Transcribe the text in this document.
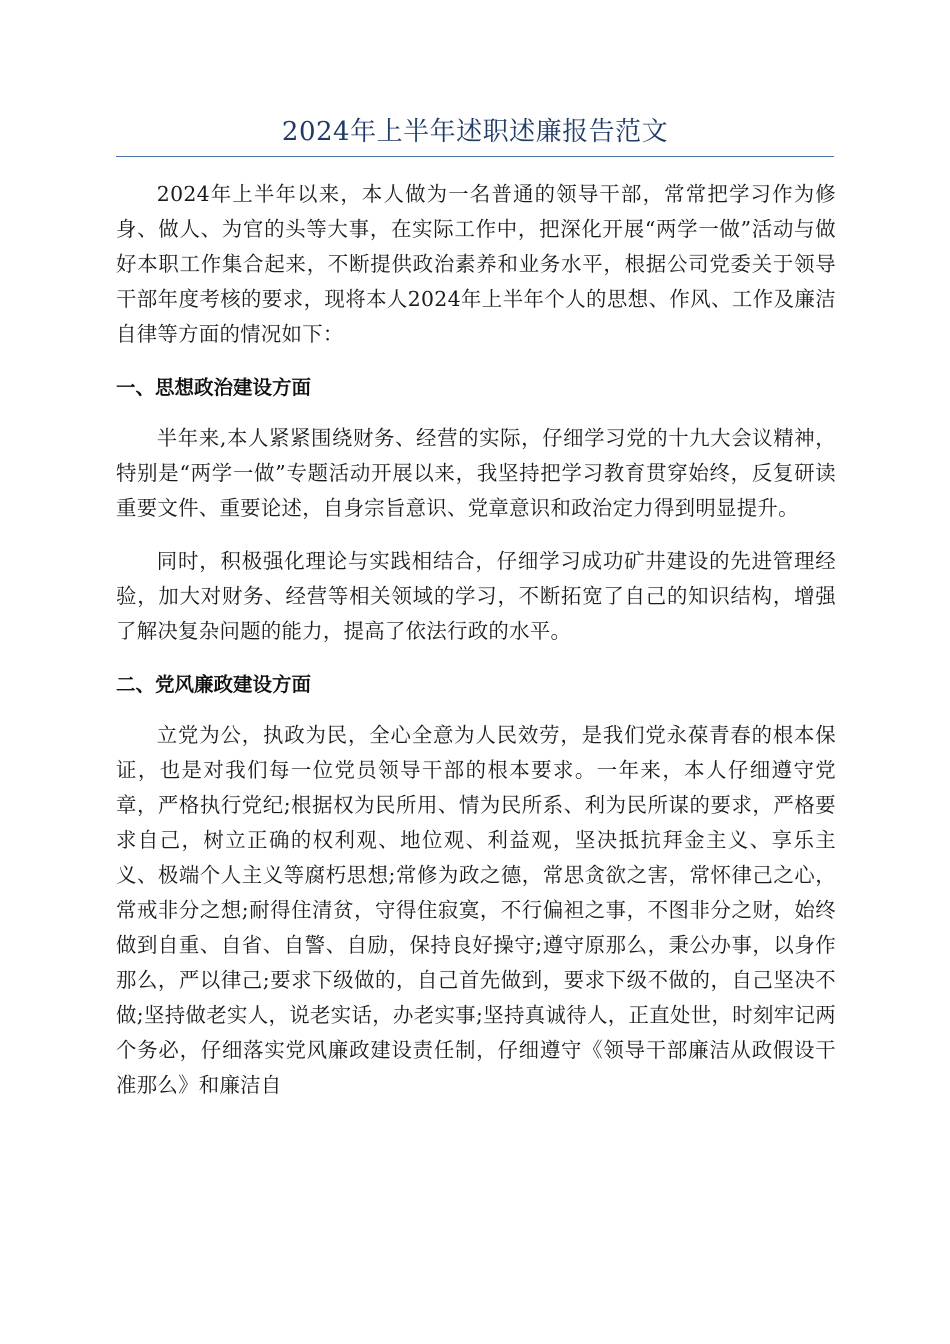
2024年上半年述职述廉报告范文

2024年上半年以来，本人做为一名普通的领导干部，常常把学习作为修身、做人、为官的头等大事，在实际工作中，把深化开展“两学一做”活动与做好本职工作集合起来，不断提供政治素养和业务水平，根据公司党委关于领导干部年度考核的要求，现将本人2024年上半年个人的思想、作风、工作及廉洁自律等方面的情况如下：

一、思想政治建设方面

半年来,本人紧紧围绕财务、经营的实际，仔细学习党的十九大会议精神，特别是“两学一做”专题活动开展以来，我坚持把学习教育贯穿始终，反复研读重要文件、重要论述，自身宗旨意识、党章意识和政治定力得到明显提升。

同时，积极强化理论与实践相结合，仔细学习成功矿井建设的先进管理经验，加大对财务、经营等相关领域的学习，不断拓宽了自己的知识结构，增强了解决复杂问题的能力，提高了依法行政的水平。

二、党风廉政建设方面

立党为公，执政为民，全心全意为人民效劳，是我们党永葆青春的根本保证，也是对我们每一位党员领导干部的根本要求。一年来，本人仔细遵守党章，严格执行党纪;根据权为民所用、情为民所系、利为民所谋的要求，严格要求自己，树立正确的权利观、地位观、利益观，坚决抵抗拜金主义、享乐主义、极端个人主义等腐朽思想;常修为政之德，常思贪欲之害，常怀律己之心，常戒非分之想;耐得住清贫，守得住寂寞，不行偏袒之事，不图非分之财，始终做到自重、自省、自警、自励，保持良好操守;遵守原那么，秉公办事，以身作那么，严以律己;要求下级做的，自己首先做到，要求下级不做的，自己坚决不做;坚持做老实人，说老实话，办老实事;坚持真诚待人，正直处世，时刻牢记两个务必，仔细落实党风廉政建设责任制，仔细遵守《领导干部廉洁从政假设干准那么》和廉洁自
